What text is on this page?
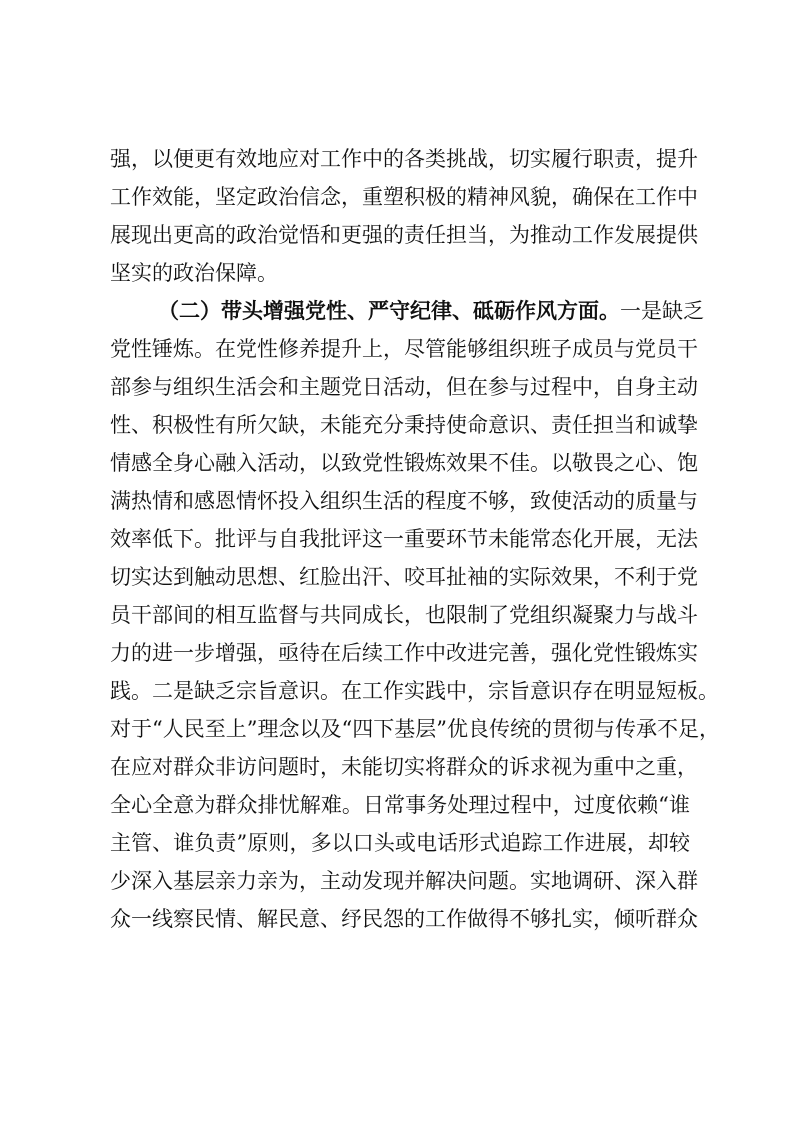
强，以便更有效地应对工作中的各类挑战，切实履行职责，提升
工作效能，坚定政治信念，重塑积极的精神风貌，确保在工作中
展现出更高的政治觉悟和更强的责任担当，为推动工作发展提供
坚实的政治保障。
（二）带头增强党性、严守纪律、砥砺作风方面。一是缺乏
党性锤炼。在党性修养提升上，尽管能够组织班子成员与党员干
部参与组织生活会和主题党日活动，但在参与过程中，自身主动
性、积极性有所欠缺，未能充分秉持使命意识、责任担当和诚挚
情感全身心融入活动，以致党性锻炼效果不佳。以敬畏之心、饱
满热情和感恩情怀投入组织生活的程度不够，致使活动的质量与
效率低下。批评与自我批评这一重要环节未能常态化开展，无法
切实达到触动思想、红脸出汗、咬耳扯袖的实际效果，不利于党
员干部间的相互监督与共同成长，也限制了党组织凝聚力与战斗
力的进一步增强，亟待在后续工作中改进完善，强化党性锻炼实
践。二是缺乏宗旨意识。在工作实践中，宗旨意识存在明显短板。
对于“人民至上”理念以及“四下基层”优良传统的贯彻与传承不足，
在应对群众非访问题时，未能切实将群众的诉求视为重中之重，
全心全意为群众排忧解难。日常事务处理过程中，过度依赖“谁
主管、谁负责”原则，多以口头或电话形式追踪工作进展，却较
少深入基层亲力亲为，主动发现并解决问题。实地调研、深入群
众一线察民情、解民意、纾民怨的工作做得不够扎实，倾听群众
